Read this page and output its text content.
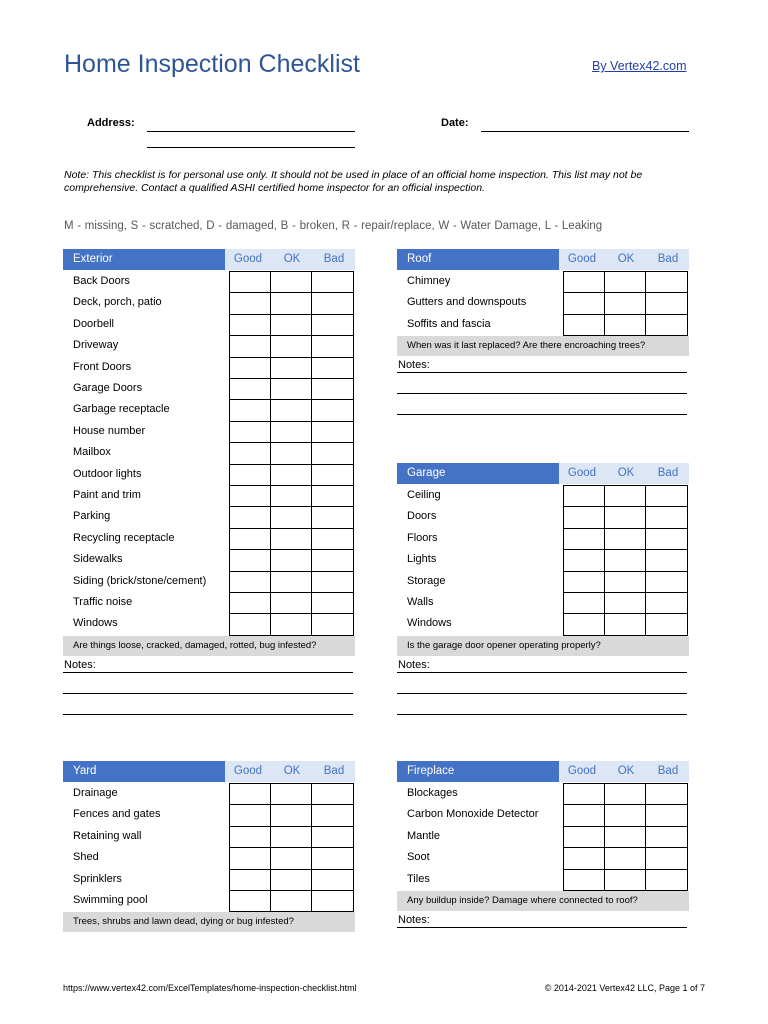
Home Inspection Checklist	By Vertex42.com
Address:	Date:
Note: This checklist is for personal use only. It should not be used in place of an official home inspection. This list may not be comprehensive. Contact a qualified ASHI certified home inspector for an official inspection.
M - missing, S - scratched, D - damaged, B - broken, R - repair/replace, W - Water Damage, L - Leaking
Exterior	Good	OK	Bad
Back Doors
Deck, porch, patio
Doorbell
Driveway
Front Doors
Garage Doors
Garbage receptacle
House number
Mailbox
Outdoor lights
Paint and trim
Parking
Recycling receptacle
Sidewalks
Siding (brick/stone/cement)
Traffic noise
Windows
Are things loose, cracked, damaged, rotted, bug infested?
Notes:
Roof	Good	OK	Bad
Chimney
Gutters and downspouts
Soffits and fascia
When was it last replaced? Are there encroaching trees?
Notes:
Garage	Good	OK	Bad
Ceiling
Doors
Floors
Lights
Storage
Walls
Windows
Is the garage door opener operating properly?
Notes:
Yard	Good	OK	Bad
Drainage
Fences and gates
Retaining wall
Shed
Sprinklers
Swimming pool
Trees, shrubs and lawn dead, dying or bug infested?
Fireplace	Good	OK	Bad
Blockages
Carbon Monoxide Detector
Mantle
Soot
Tiles
Any buildup inside? Damage where connected to roof?
Notes:
https://www.vertex42.com/ExcelTemplates/home-inspection-checklist.html	© 2014-2021 Vertex42 LLC, Page 1 of 7
